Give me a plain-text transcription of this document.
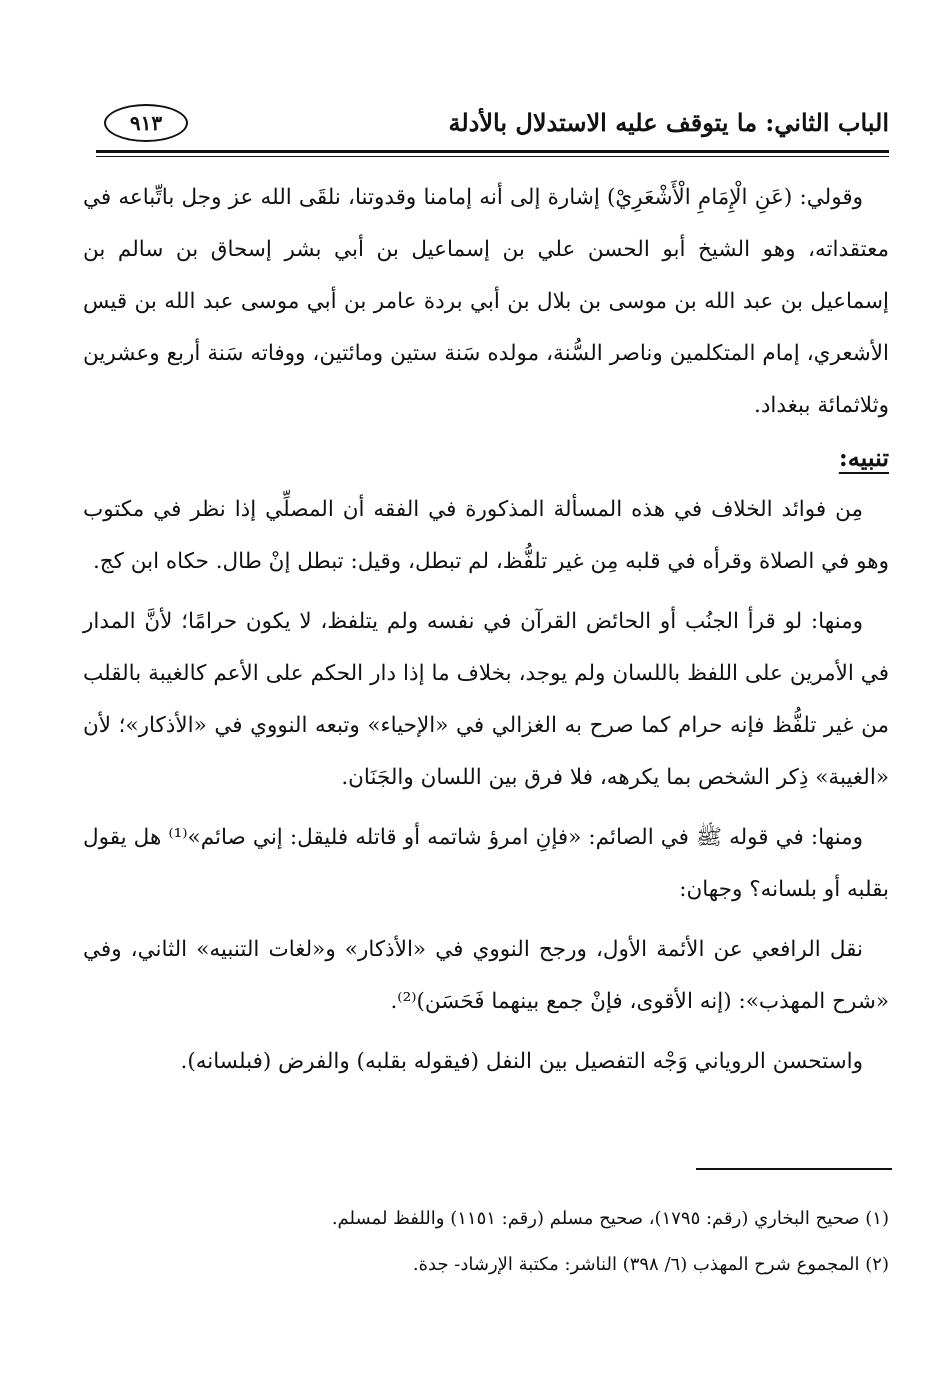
الباب الثاني: ما يتوقف عليه الاستدلال بالأدلة
٩١٣

وقولي: (عَنِ الْإِمَامِ الْأَشْعَرِيْ) إشارة إلى أنه إمامنا وقدوتنا، نلقَى الله عز وجل باتِّباعه في معتقداته، وهو الشيخ أبو الحسن علي بن إسماعيل بن أبي بشر إسحاق بن سالم بن إسماعيل بن عبد الله بن موسى بن بلال بن أبي بردة عامر بن أبي موسى عبد الله بن قيس الأشعري، إمام المتكلمين وناصر السُّنة، مولده سَنة ستين ومائتين، ووفاته سَنة أربع وعشرين وثلاثمائة ببغداد.

تنبيه:

مِن فوائد الخلاف في هذه المسألة المذكورة في الفقه أن المصلِّي إذا نظر في مكتوب وهو في الصلاة وقرأه في قلبه مِن غير تلفُّظ، لم تبطل، وقيل: تبطل إنْ طال. حكاه ابن كج.

ومنها: لو قرأ الجنُب أو الحائض القرآن في نفسه ولم يتلفظ، لا يكون حرامًا؛ لأنَّ المدار في الأمرين على اللفظ باللسان ولم يوجد، بخلاف ما إذا دار الحكم على الأعم كالغيبة بالقلب من غير تلفُّظ فإنه حرام كما صرح به الغزالي في «الإحياء» وتبعه النووي في «الأذكار»؛ لأن «الغيبة» ذِكر الشخص بما يكرهه، فلا فرق بين اللسان والجَنَان.

ومنها: في قوله ﷺ في الصائم: «فإنِ امرؤ شاتمه أو قاتله فليقل: إني صائم»⁽¹⁾ هل يقول بقلبه أو بلسانه؟ وجهان:

نقل الرافعي عن الأئمة الأول، ورجح النووي في «الأذكار» و«لغات التنبيه» الثاني، وفي «شرح المهذب»: (إنه الأقوى، فإنْ جمع بينهما فَحَسَن)⁽²⁾.

واستحسن الروياني وَجْه التفصيل بين النفل (فيقوله بقلبه) والفرض (فبلسانه).

(١) صحيح البخاري (رقم: ١٧٩٥)، صحيح مسلم (رقم: ١١٥١) واللفظ لمسلم.

(٢) المجموع شرح المهذب (٦/ ٣٩٨) الناشر: مكتبة الإرشاد- جدة.
